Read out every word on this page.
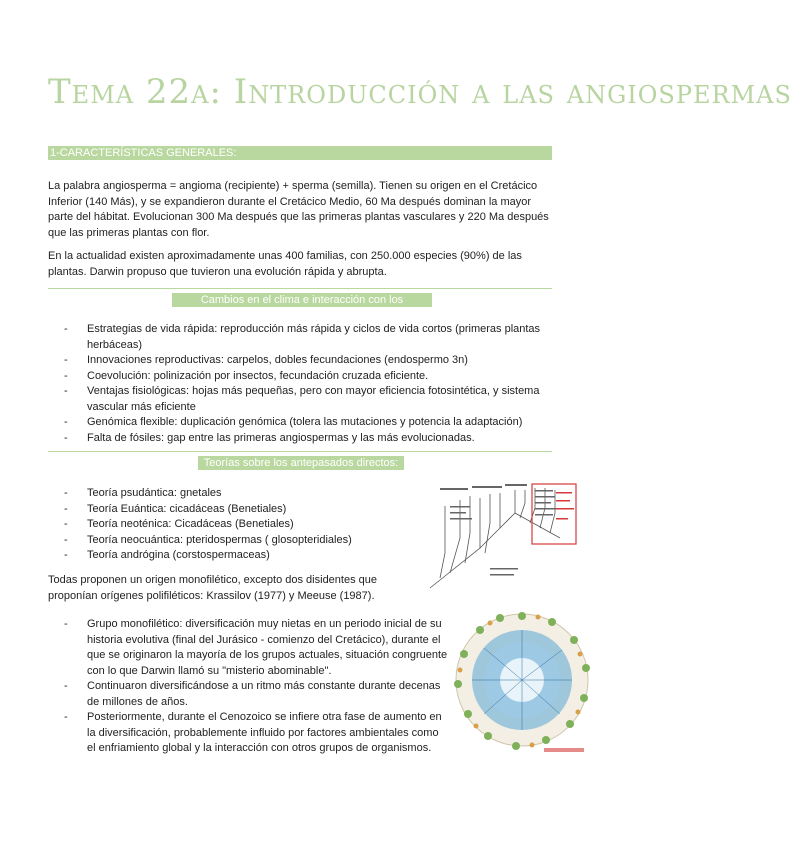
Tema 22a: Introducción a las angiospermas
1-CARACTERÍSTICAS GENERALES:

La palabra angiosperma = angioma (recipiente) + sperma (semilla). Tienen su origen en el Cretácico Inferior (140 Más), y se expandieron durante el Cretácico Medio, 60 Ma después dominan la mayor parte del hábitat. Evolucionan 300 Ma después que las primeras plantas vasculares y 220 Ma después que las primeras plantas con flor.

En la actualidad existen aproximadamente unas 400 familias, con 250.000 especies (90%) de las plantas. Darwin propuso que tuvieron una evolución rápida y abrupta.

Cambios en el clima e interacción con los animales:
- Estrategias de vida rápida: reproducción más rápida y ciclos de vida cortos (primeras plantas herbáceas)
- Innovaciones reproductivas: carpelos, dobles fecundaciones (endospermo 3n)
- Coevolución: polinización por insectos, fecundación cruzada eficiente.
- Ventajas fisiológicas: hojas más pequeñas, pero con mayor eficiencia fotosintética, y sistema vascular más eficiente
- Genómica flexible: duplicación genómica (tolera las mutaciones y potencia la adaptación)
- Falta de fósiles: gap entre las primeras angiospermas y las más evolucionadas.
Teorías sobre los antepasados directos:
- Teoría psudántica: gnetales
- Teoría Euántica: cicadáceas (Benetiales)
- Teoría neoténica: Cicadáceas (Benetiales)
- Teoría neocuántica: pteridospermas ( glosopteridiales)
- Teoría andrógina (corstospermaceas)

Todas proponen un origen monofilético, excepto dos disidentes que proponían orígenes polifiléticos: Krassilov (1977) y Meeuse (1987).

- Grupo monofilético: diversificación muy nietas en un periodo inicial de su historia evolutiva (final del Jurásico - comienzo del Cretácico), durante el que se originaron la mayoría de los grupos actuales, situación congruente con lo que Darwin llamó su "misterio abominable".
- Continuaron diversificándose a un ritmo más constante durante decenas de millones de años.
- Posteriormente, durante el Cenozoico se infiere otra fase de aumento en la diversificación, probablemente influido por factores ambientales como el enfriamiento global y la interacción con otros grupos de organismos.
